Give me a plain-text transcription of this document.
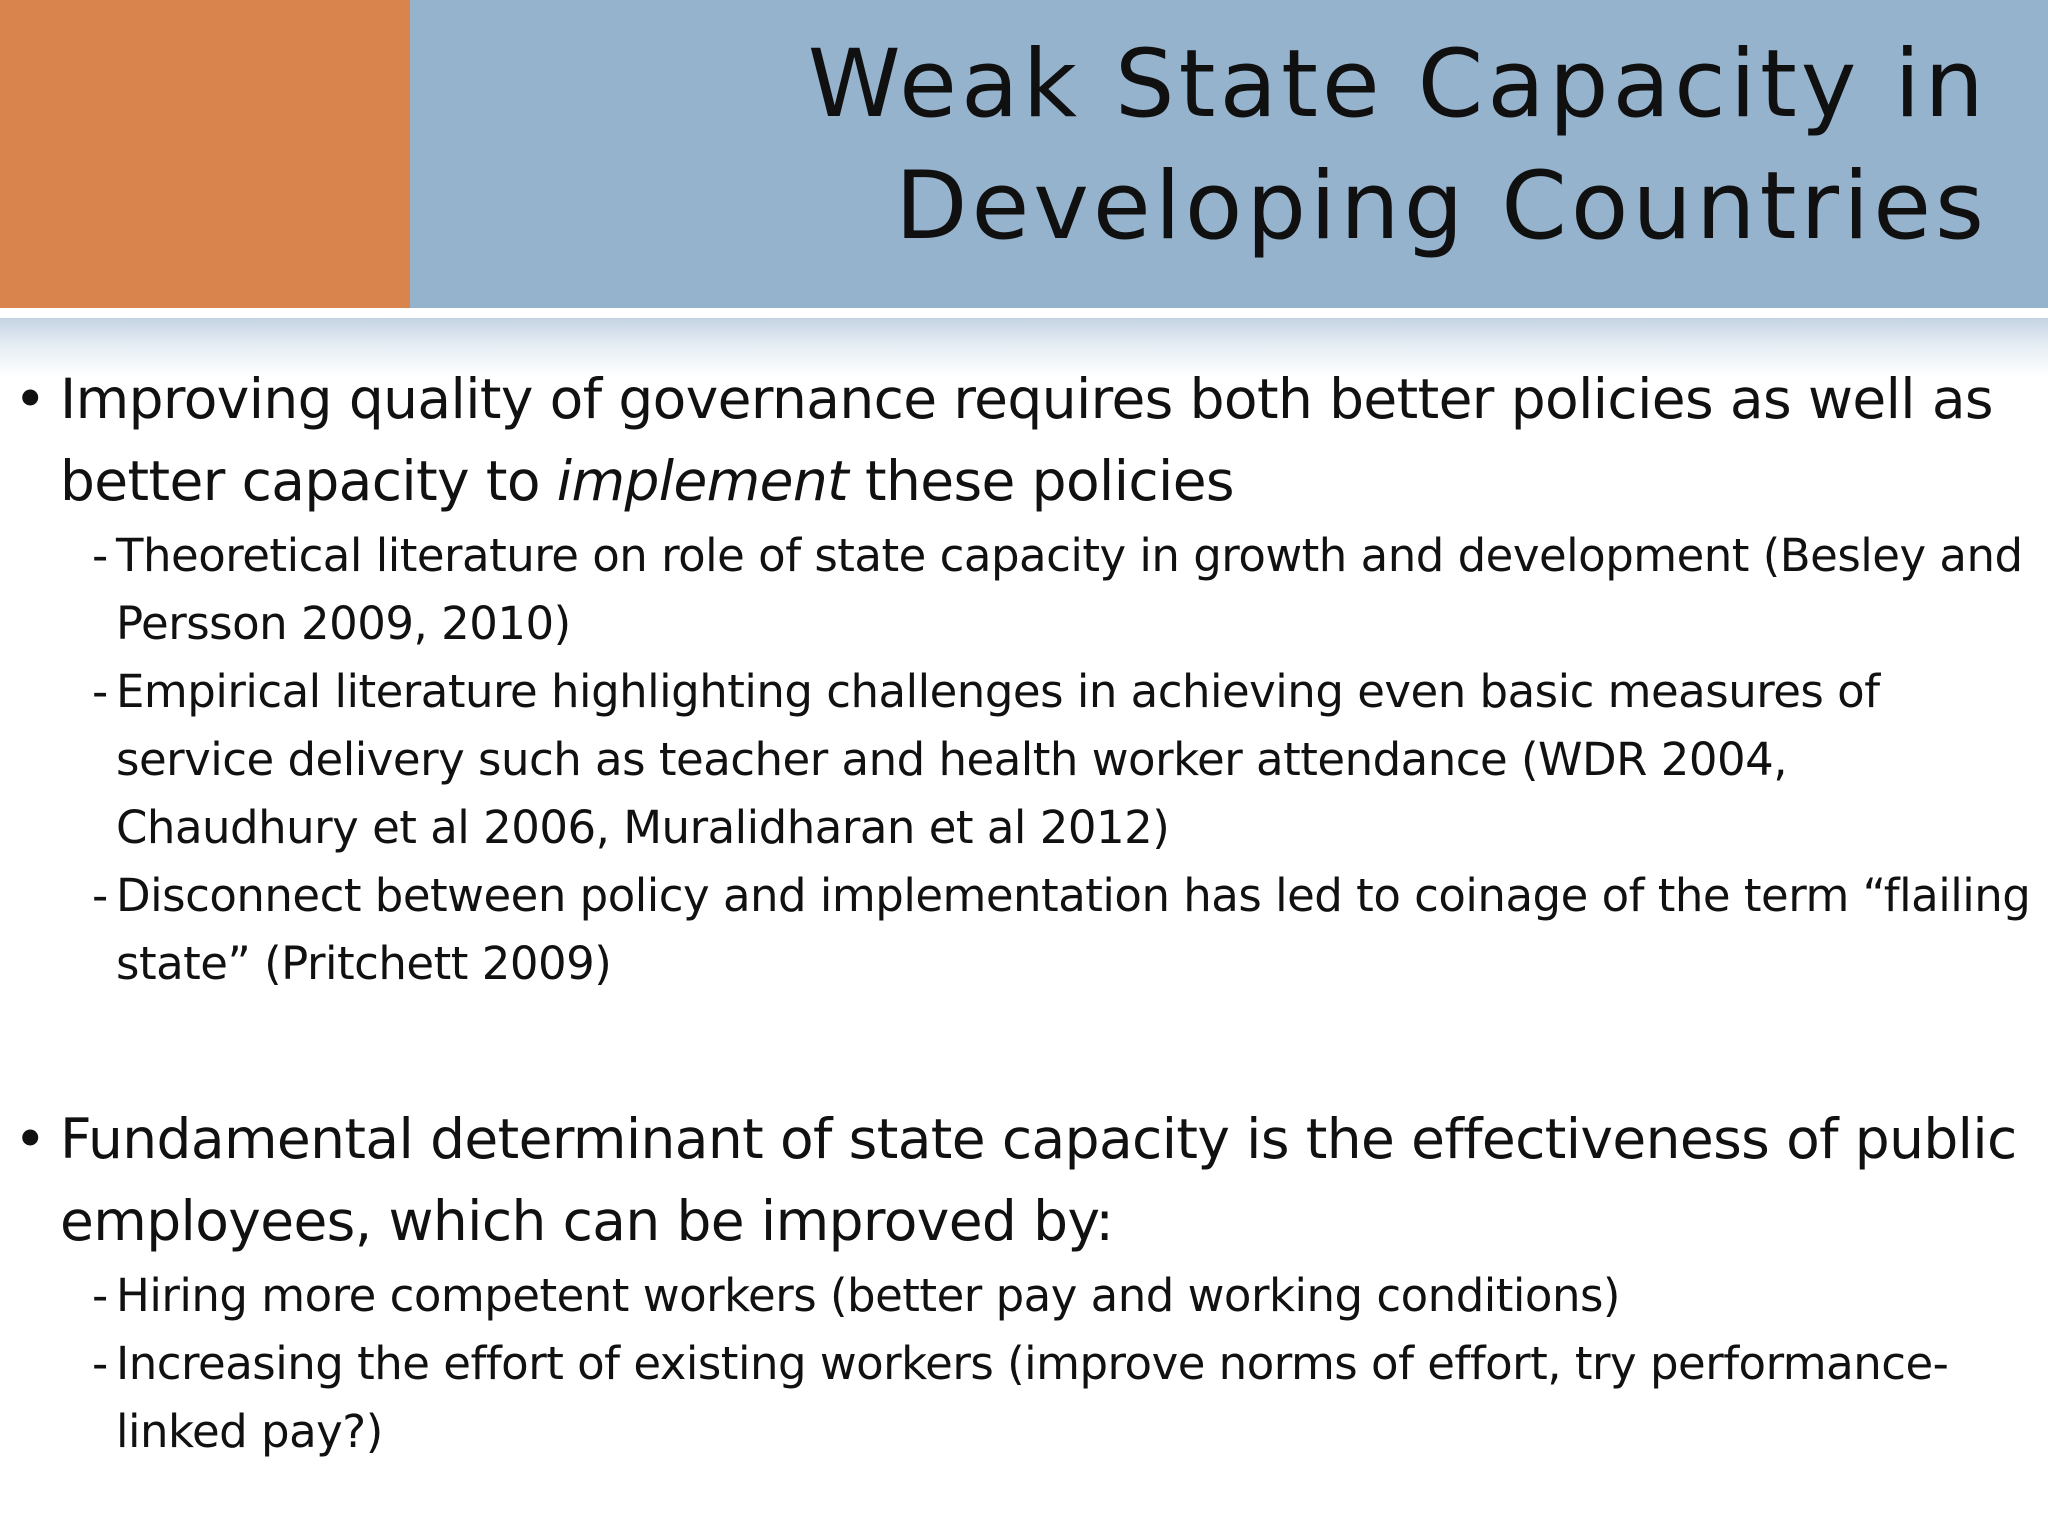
Weak State Capacity in
Developing Countries

• Improving quality of governance requires both better policies as well as better capacity to implement these policies

- Theoretical literature on role of state capacity in growth and development (Besley and Persson 2009, 2010)
- Empirical literature highlighting challenges in achieving even basic measures of service delivery such as teacher and health worker attendance (WDR 2004, Chaudhury et al 2006, Muralidharan et al 2012)
- Disconnect between policy and implementation has led to coinage of the term “flailing state” (Pritchett 2009)

• Fundamental determinant of state capacity is the effectiveness of public employees, which can be improved by:

- Hiring more competent workers (better pay and working conditions)
- Increasing the effort of existing workers (improve norms of effort, try performance-linked pay?)
